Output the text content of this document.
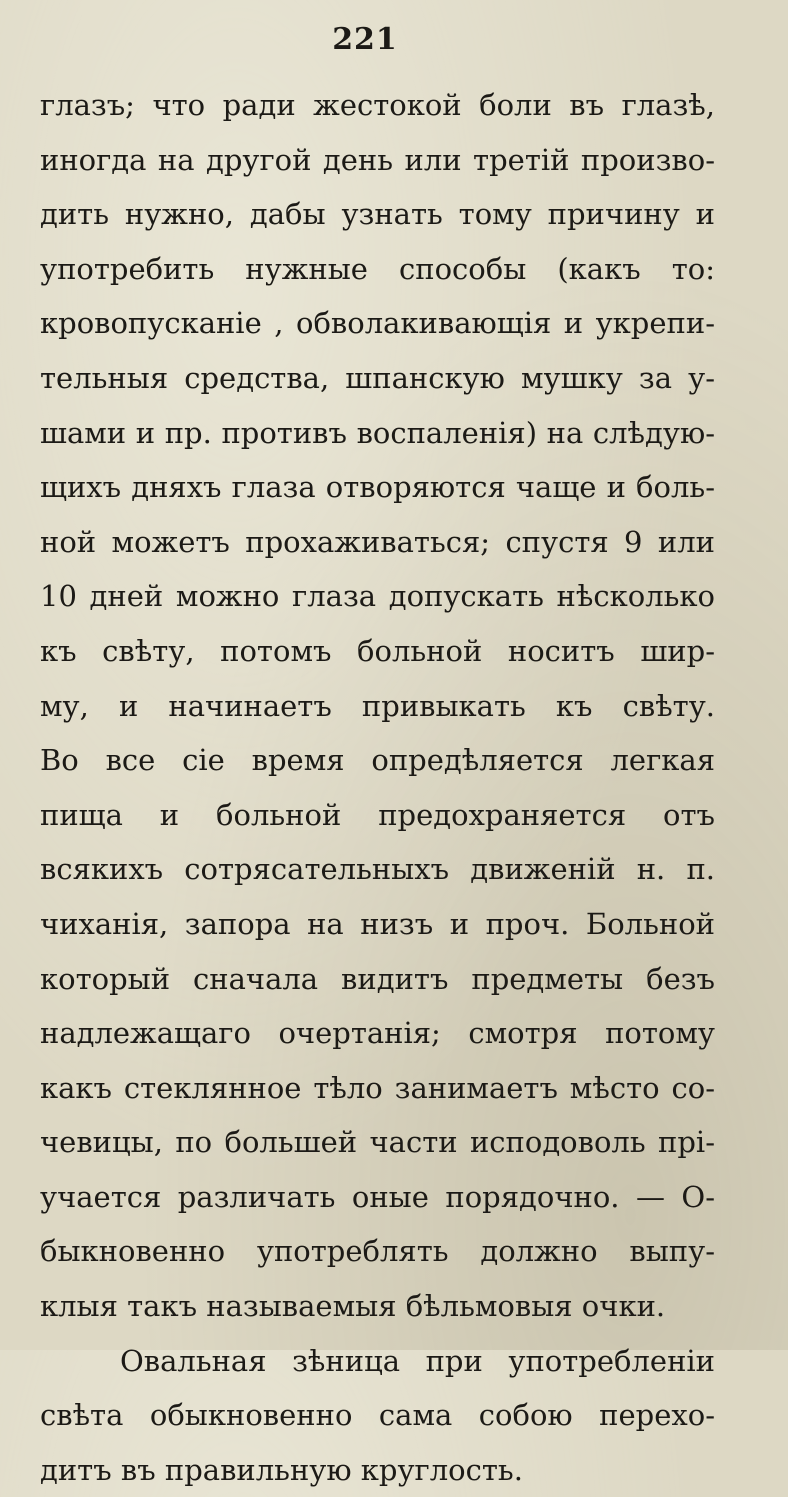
221
глазъ; что ради жестокой боли въ глазѣ,
иногда на другой день или третій произво-
дить нужно, дабы узнать тому причину и
употребить нужные способы (какъ то:
кровопусканіе , обволакивающія и укрепи-
тельныя средства, шпанскую мушку за у-
шами и пр. противъ воспаленія) на слѣдую-
щихъ дняхъ глаза отворяются чаще и боль-
ной можетъ прохаживаться; спустя 9 или
10 дней можно глаза допускать нѣсколько
къ свѣту, потомъ больной носитъ шир-
му, и начинаетъ привыкать къ свѣту.
Во все сіе время опредѣляется легкая
пища и больной предохраняется отъ
всякихъ сотрясательныхъ движеній н. п.
чиханія, запора на низъ и проч. Больной
который сначала видитъ предметы безъ
надлежащаго очертанія; смотря потому
какъ стеклянное тѣло занимаетъ мѣсто со-
чевицы, по большей части исподоволь прі-
учается различать оные порядочно. — О-
быкновенно употреблять должно выпу-
клыя такъ называемыя бѣльмовыя очки.
Овальная зѣница при употребленіи
свѣта обыкновенно сама собою перехо-
дитъ въ правильную круглость.
